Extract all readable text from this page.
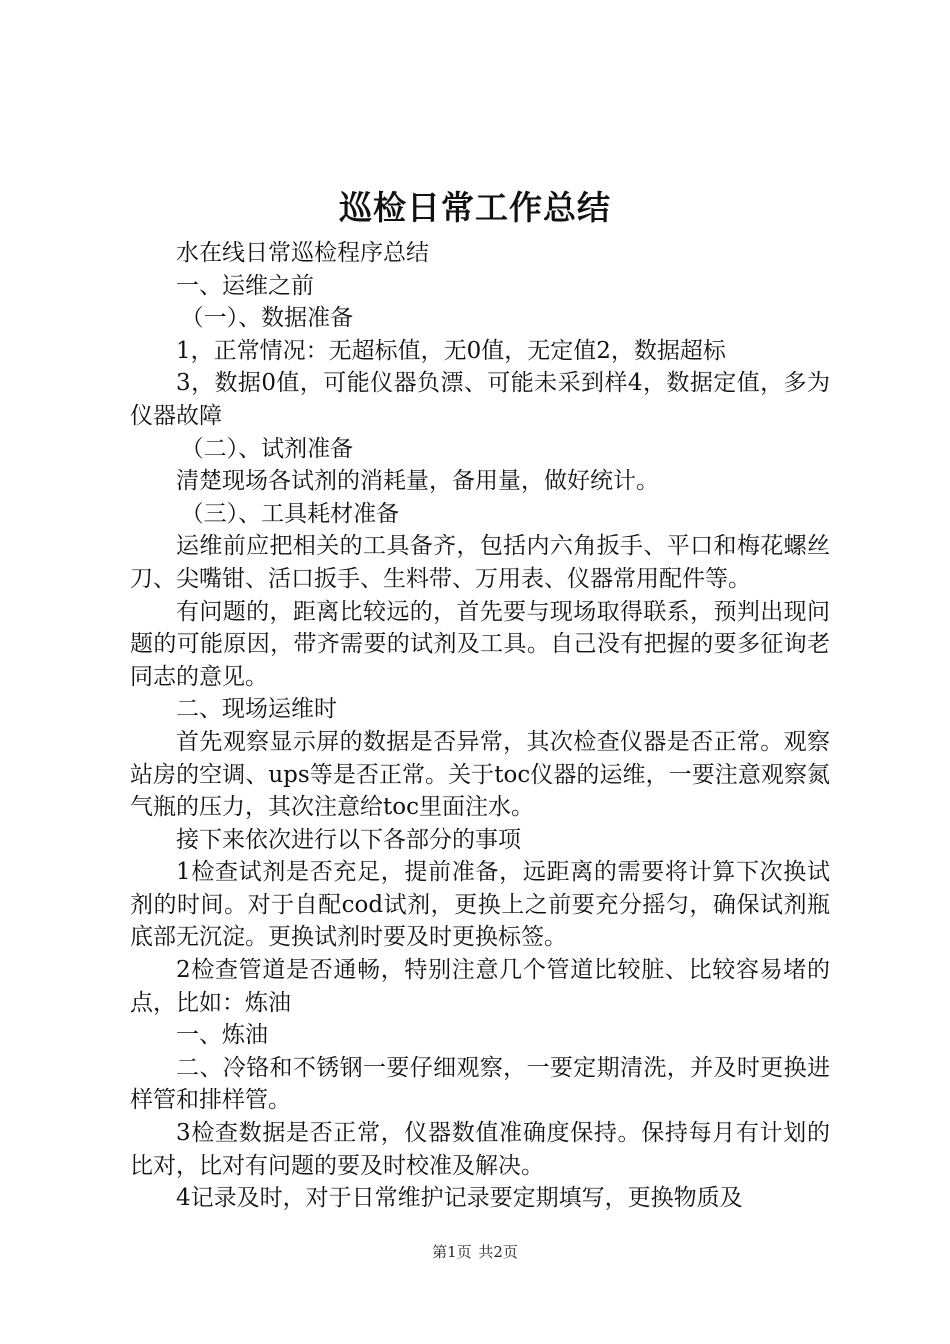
巡检日常工作总结

水在线日常巡检程序总结

一、运维之前

（一）、数据准备

1，正常情况：无超标值，无0值，无定值2，数据超标

3，数据0值，可能仪器负漂、可能未采到样4，数据定值，多为仪器故障

（二）、试剂准备

清楚现场各试剂的消耗量，备用量，做好统计。

（三）、工具耗材准备

运维前应把相关的工具备齐，包括内六角扳手、平口和梅花螺丝刀、尖嘴钳、活口扳手、生料带、万用表、仪器常用配件等。

有问题的，距离比较远的，首先要与现场取得联系，预判出现问题的可能原因，带齐需要的试剂及工具。自己没有把握的要多征询老同志的意见。

二、现场运维时

首先观察显示屏的数据是否异常，其次检查仪器是否正常。观察站房的空调、ups等是否正常。关于toc仪器的运维，一要注意观察氮气瓶的压力，其次注意给toc里面注水。

接下来依次进行以下各部分的事项

1检查试剂是否充足，提前准备，远距离的需要将计算下次换试剂的时间。对于自配cod试剂，更换上之前要充分摇匀，确保试剂瓶底部无沉淀。更换试剂时要及时更换标签。

2检查管道是否通畅，特别注意几个管道比较脏、比较容易堵的点，比如：炼油

一、炼油

二、冷铬和不锈钢一要仔细观察，一要定期清洗，并及时更换进样管和排样管。

3检查数据是否正常，仪器数值准确度保持。保持每月有计划的比对，比对有问题的要及时校准及解决。

4记录及时，对于日常维护记录要定期填写，更换物质及

第1页 共2页
